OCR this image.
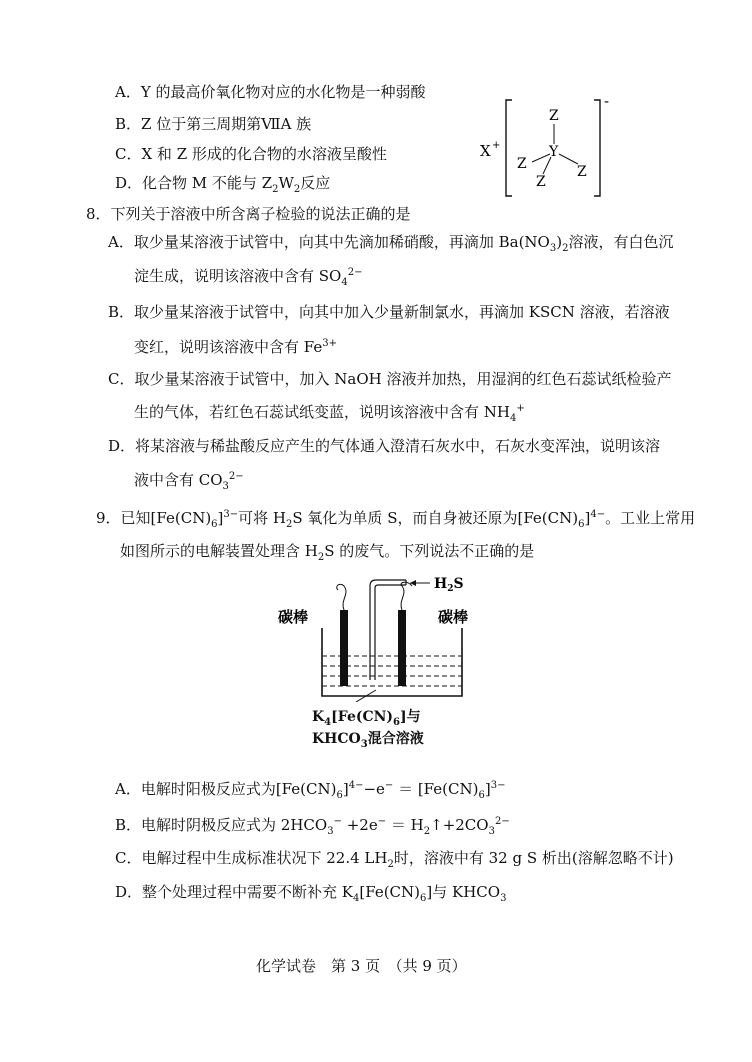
A．Y 的最高价氧化物对应的水化物是一种弱酸
B．Z 位于第三周期第ⅦA 族
C．X 和 Z 形成的化合物的水溶液呈酸性
D．化合物 M 不能与 $Z_2W_2$反应
X +
-
Y
Z
Z	Z
Z
8．下列关于溶液中所含离子检验的说法正确的是
A．取少量某溶液于试管中，向其中先滴加稀硝酸，再滴加 $Ba(NO_3)_2$溶液，有白色沉
淀生成，说明该溶液中含有 $SO_4^{2-}$
B．取少量某溶液于试管中，向其中加入少量新制氯水，再滴加 KSCN 溶液，若溶液
变红，说明该溶液中含有 $Fe^{3+}$
C．取少量某溶液于试管中，加入 NaOH 溶液并加热，用湿润的红色石蕊试纸检验产
生的气体，若红色石蕊试纸变蓝，说明该溶液中含有 $NH_4^+$
D．将某溶液与稀盐酸反应产生的气体通入澄清石灰水中，石灰水变浑浊，说明该溶
液中含有 $CO_3^{2-}$
9．已知$[Fe(CN)_6]^{3-}$可将 $H_2S$ 氧化为单质 S，而自身被还原为$[Fe(CN)_6]^{4-}$。工业上常用
如图所示的电解装置处理含 $H_2S$ 的废气。下列说法不正确的是
$H_2S$
碳棒	碳棒
$K_4[Fe(CN)_6]$与
$KHCO_3$混合溶液
A．电解时阳极反应式为$[Fe(CN)_6]^{4-}-e^- = [Fe(CN)_6]^{3-}$
B．电解时阴极反应式为 $2HCO_3^- +2e^-$ ＝ $H_2↑+2CO_3^{2-}$
C．电解过程中生成标准状况下 22.4 $LH_2$时，溶液中有 32 g S 析出(溶解忽略不计)
D．整个处理过程中需要不断补充 $K_4[Fe(CN)_6]$与 $KHCO_3$
化学试卷　第 3 页　（共 9 页）
